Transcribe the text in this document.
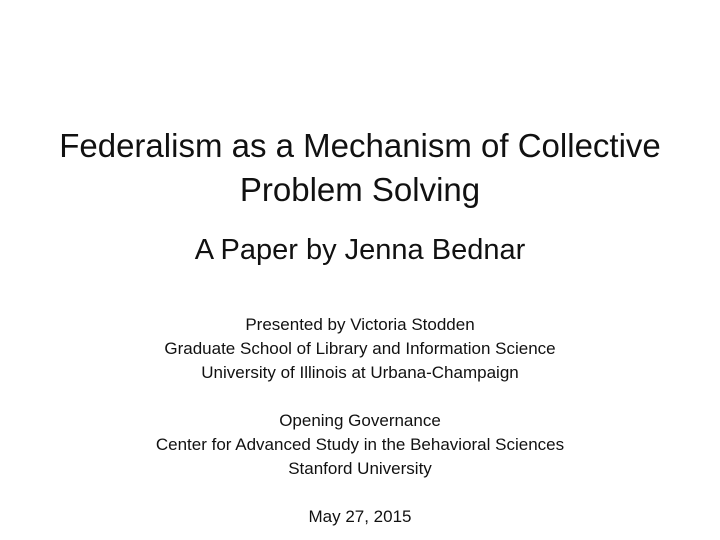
Federalism as a Mechanism of Collective
Problem Solving
A Paper by Jenna Bednar
Presented by Victoria Stodden
Graduate School of Library and Information Science
University of Illinois at Urbana-Champaign
Opening Governance
Center for Advanced Study in the Behavioral Sciences
Stanford University
May 27, 2015
